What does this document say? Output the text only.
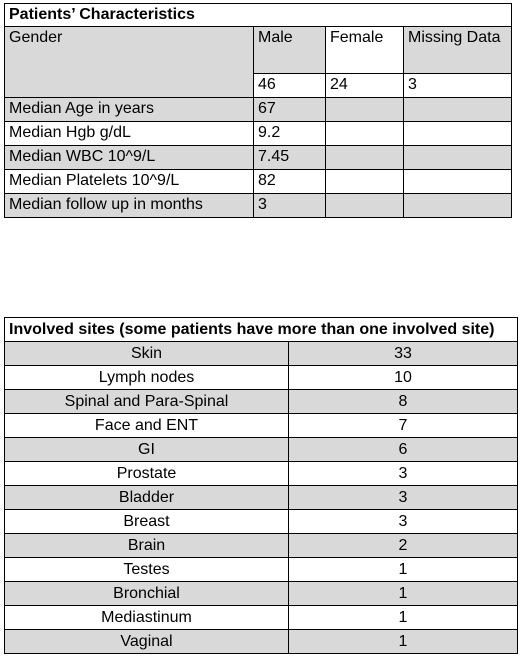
Patients’ Characteristics			
Gender	Male	Female	Missing Data
	46	24	3
Median Age in years	67		
Median Hgb g/dL	9.2		
Median WBC 10^9/L	7.45		
Median Platelets 10^9/L	82		
Median follow up in months	3		
Involved sites (some patients have more than one involved site)	
Skin	33
Lymph nodes	10
Spinal and Para-Spinal	8
Face and ENT	7
GI	6
Prostate	3
Bladder	3
Breast	3
Brain	2
Testes	1
Bronchial	1
Mediastinum	1
Vaginal	1
